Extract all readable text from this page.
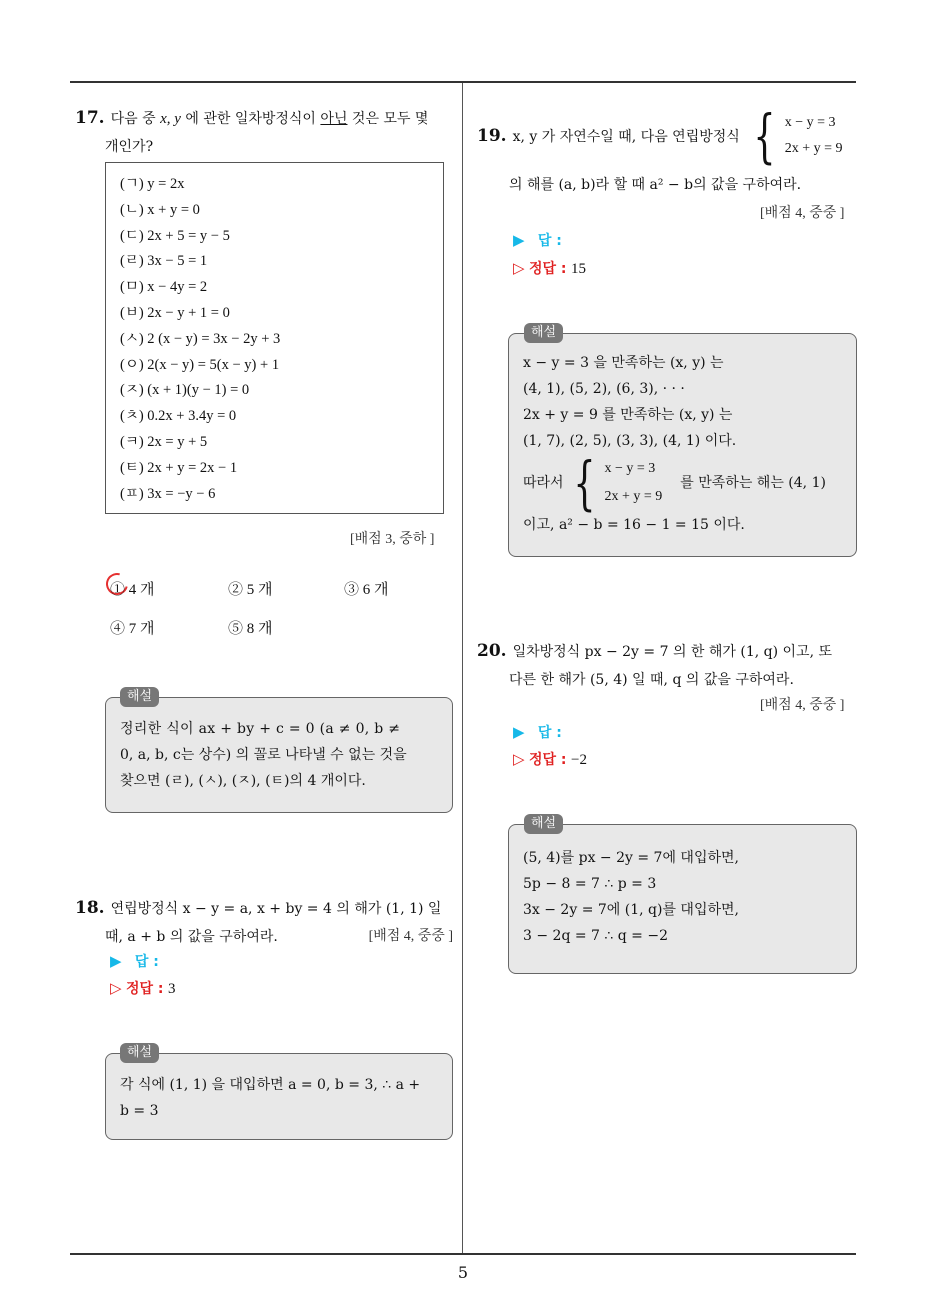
5
17. 다음 중 x, y 에 관한 일차방정식이 아닌 것은 모두 몇
개인가?
(ㄱ) y = 2x
(ㄴ) x + y = 0
(ㄷ) 2x + 5 = y − 5
(ㄹ) 3x − 5 = 1
(ㅁ) x − 4y = 2
(ㅂ) 2x − y + 1 = 0
(ㅅ) 2 (x − y) = 3x − 2y + 3
(ㅇ) 2(x − y) = 5(x − y) + 1
(ㅈ) (x + 1)(y − 1) = 0
(ㅊ) 0.2x + 3.4y = 0
(ㅋ) 2x = y + 5
(ㅌ) 2x + y = 2x − 1
(ㅍ) 3x = −y − 6
[배점 3, 중하 ]
① 4 개	② 5 개	③ 6 개
④ 7 개	⑤ 8 개
정리한 식이 ax + by + c = 0 (a ≠ 0, b ≠
0, a, b, c는 상수) 의 꼴로 나타낼 수 없는 것을
찾으면 (ㄹ), (ㅅ), (ㅈ), (ㅌ)의 4 개이다.
해설
18. 연립방정식 x − y = a, x + by = 4 의 해가 (1, 1) 일
때, a + b 의 값을 구하여라.	[배점 4, 중중 ]
▶ 답 :
▷ 정답 : 3
각 식에 (1, 1) 을 대입하면 a = 0, b = 3, ∴ a +
b = 3
해설
19. x, y 가 자연수일 때, 다음 연립방정식 { x − y = 3
2x + y = 9
의 해를 (a, b)라 할 때 a² − b의 값을 구하여라.
[배점 4, 중중 ]
▶ 답 :
▷ 정답 : 15
x − y = 3 을 만족하는 (x, y) 는
(4, 1), (5, 2), (6, 3), · · ·
2x + y = 9 를 만족하는 (x, y) 는
(1, 7), (2, 5), (3, 3), (4, 1) 이다.
따라서 { x − y = 3
2x + y = 9
를 만족하는 해는 (4, 1)
이고, a² − b = 16 − 1 = 15 이다.
해설
20. 일차방정식 px − 2y = 7 의 한 해가 (1, q) 이고, 또
다른 한 해가 (5, 4) 일 때, q 의 값을 구하여라.
[배점 4, 중중 ]
▶ 답 :
▷ 정답 : −2
(5, 4)를 px − 2y = 7에 대입하면,
5p − 8 = 7 ∴ p = 3
3x − 2y = 7에 (1, q)를 대입하면,
3 − 2q = 7 ∴ q = −2
해설
